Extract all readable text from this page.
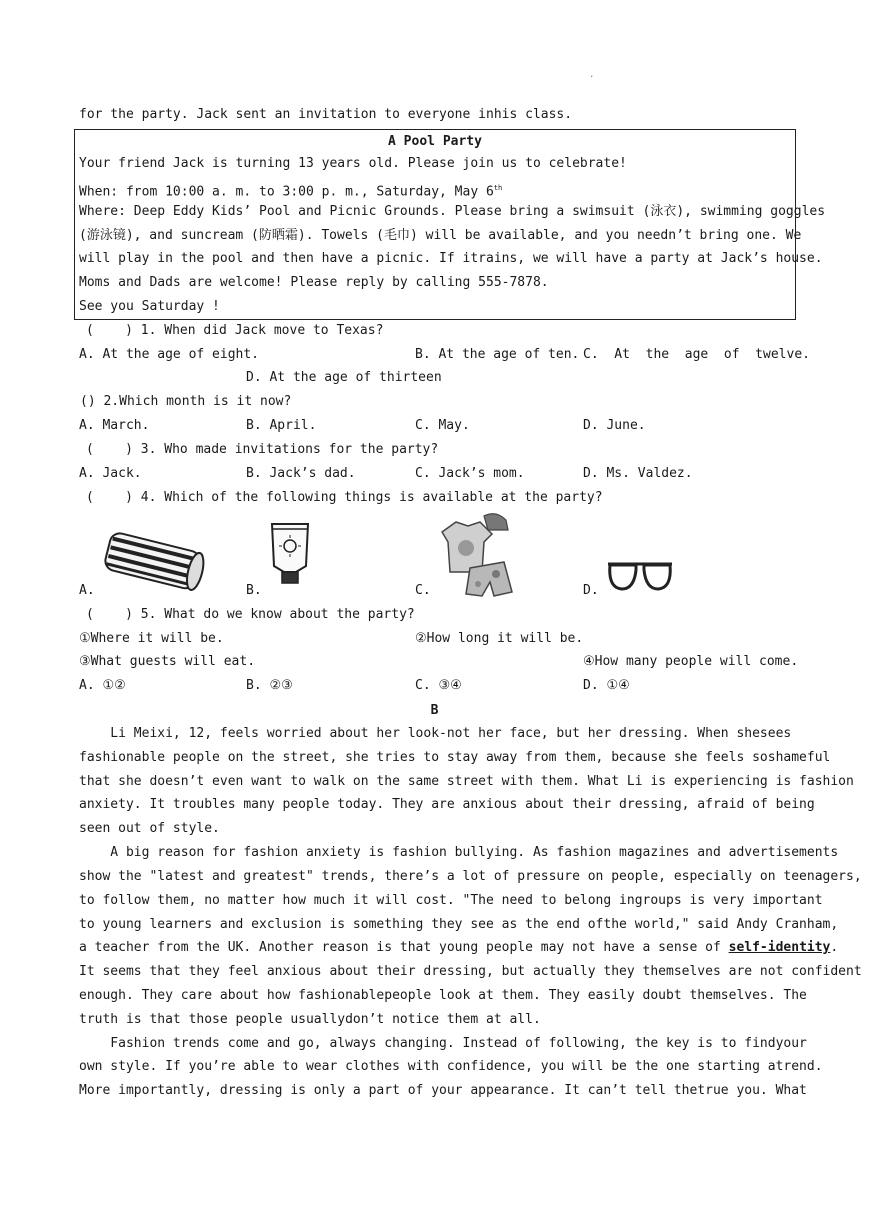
.
for the party. Jack sent an invitation to everyone inhis class.
A Pool Party
Your friend Jack is turning 13 years old. Please join us to celebrate!
When: from 10:00 a. m. to 3:00 p. m., Saturday, May 6th
Where: Deep Eddy Kids’ Pool and Picnic Grounds. Please bring a swimsuit (泳衣), swimming goggles
(游泳镜), and suncream (防晒霜). Towels (毛巾) will be available, and you needn’t bring one. We
will play in the pool and then have a picnic. If itrains, we will have a party at Jack’s house.
Moms and Dads are welcome! Please reply by calling 555-7878.
See you Saturday !
(    ) 1. When did Jack move to Texas?
A. At the age of eight.	B. At the age of ten. C.  At  the  age  of  twelve.
D. At the age of thirteen
() 2.Which month is it now?
A. March.	B. April.	C. May.	D. June.
(    ) 3. Who made invitations for the party?
A. Jack.	B. Jack’s dad.	C. Jack’s mom.	D. Ms. Valdez.
(    ) 4. Which of the following things is available at the party?
A.	B.	C.	D.
(    ) 5. What do we know about the party?
①Where it will be.	②How long it will be.
③What guests will eat.	④How many people will come.
A. ①②	B. ②③	C. ③④	D. ①④
B
Li Meixi, 12, feels worried about her look-not her face, but her dressing. When shesees
fashionable people on the street, she tries to stay away from them, because she feels soshameful
that she doesn’t even want to walk on the same street with them. What Li is experiencing is fashion
anxiety. It troubles many people today. They are anxious about their dressing, afraid of being
seen out of style.
A big reason for fashion anxiety is fashion bullying. As fashion magazines and advertisements
show the "latest and greatest" trends, there’s a lot of pressure on people, especially on teenagers,
to follow them, no matter how much it will cost. "The need to belong ingroups is very important
to young learners and exclusion is something they see as the end ofthe world," said Andy Cranham,
a teacher from the UK. Another reason is that young people may not have a sense of self-identity.
It seems that they feel anxious about their dressing, but actually they themselves are not confident
enough. They care about how fashionablepeople look at them. They easily doubt themselves. The
truth is that those people usuallydon’t notice them at all.
Fashion trends come and go, always changing. Instead of following, the key is to findyour
own style. If you’re able to wear clothes with confidence, you will be the one starting atrend.
More importantly, dressing is only a part of your appearance. It can’t tell thetrue you. What
